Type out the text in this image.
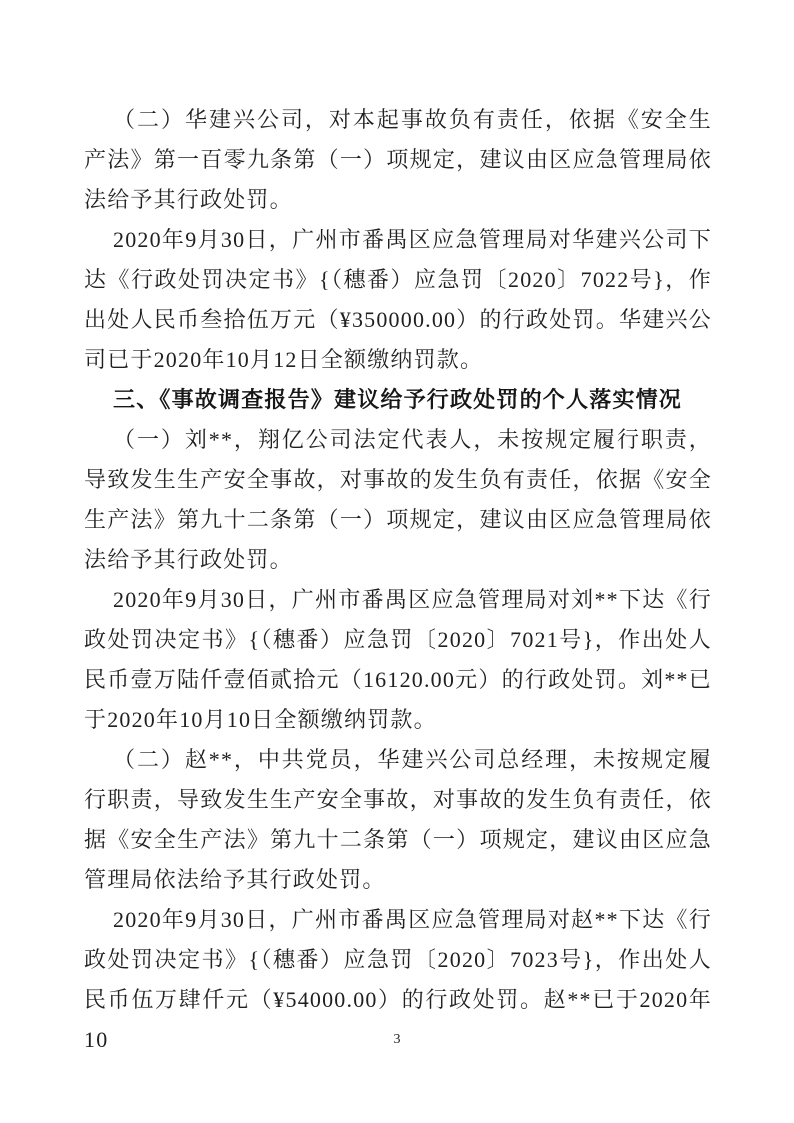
（二）华建兴公司，对本起事故负有责任，依据《安全生产法》第一百零九条第（一）项规定，建议由区应急管理局依法给予其行政处罚。

2020年9月30日，广州市番禺区应急管理局对华建兴公司下达《行政处罚决定书》{（穗番）应急罚〔2020〕7022号}，作出处人民币叁拾伍万元（¥350000.00）的行政处罚。华建兴公司已于2020年10月12日全额缴纳罚款。

三、《事故调查报告》建议给予行政处罚的个人落实情况

（一）刘**，翔亿公司法定代表人，未按规定履行职责，导致发生生产安全事故，对事故的发生负有责任，依据《安全生产法》第九十二条第（一）项规定，建议由区应急管理局依法给予其行政处罚。

2020年9月30日，广州市番禺区应急管理局对刘**下达《行政处罚决定书》{（穗番）应急罚〔2020〕7021号}，作出处人民币壹万陆仟壹佰贰拾元（16120.00元）的行政处罚。刘**已于2020年10月10日全额缴纳罚款。

（二）赵**，中共党员，华建兴公司总经理，未按规定履行职责，导致发生生产安全事故，对事故的发生负有责任，依据《安全生产法》第九十二条第（一）项规定，建议由区应急管理局依法给予其行政处罚。

2020年9月30日，广州市番禺区应急管理局对赵**下达《行政处罚决定书》{（穗番）应急罚〔2020〕7023号}，作出处人民币伍万肆仟元（¥54000.00）的行政处罚。赵**已于2020年10	3
